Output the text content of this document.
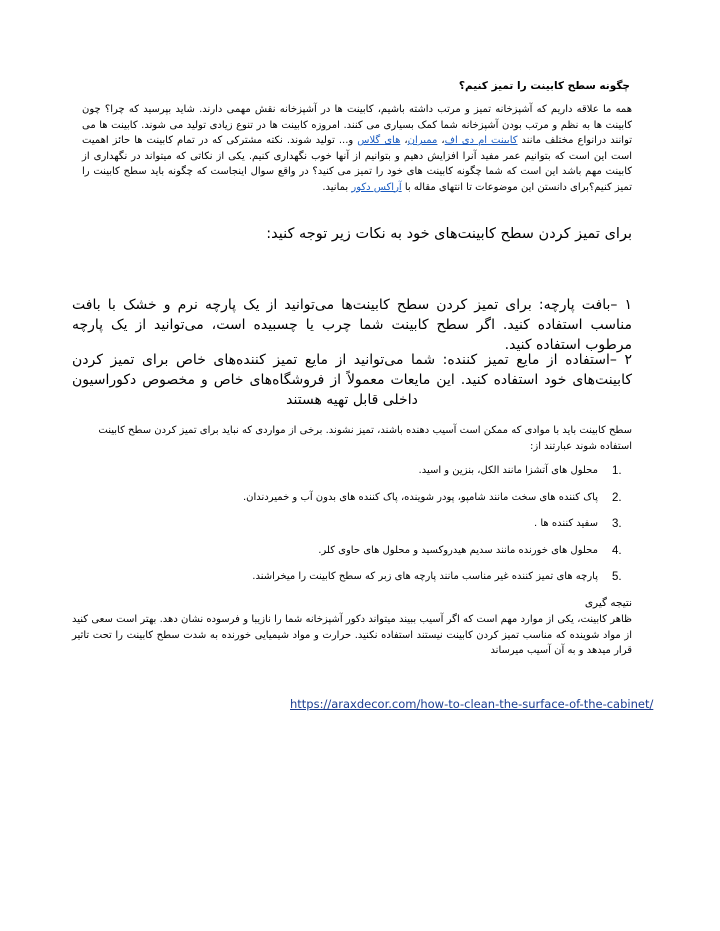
چگونه سطح کابینت را تمیز کنیم؟

همه ما علاقه داریم که آشپزخانه تمیز و مرتب داشته باشیم، کابینت ها در آشپزخانه نقش مهمی دارند. شاید بپرسید که چرا؟ چون کابینت ها به نظم و مرتب بودن آشپزخانه شما کمک بسیاری می کنند. امروزه کابینت ها در تنوع زیادی تولید می شوند. کابینت ها می توانند درانواع مختلف مانند کابینت ام دی اف، ممبران، های گلاس و... تولید شوند. نکته مشترکی که در تمام کابینت ها حائز اهمیت است این است که بتوانیم عمر مفید آنرا افزایش دهیم و بتوانیم از آنها خوب نگهداری کنیم. یکی از نکاتی که میتواند در نگهداری از کابینت مهم باشد این است که شما چگونه کابینت های خود را تمیز می کنید؟ در واقع سوال اینجاست که چگونه باید سطح کابینت را تمیز کنیم؟برای دانستن این موضوعات تا انتهای مقاله با آراکس دکور بمانید.

برای تمیز کردن سطح کابینت‌های خود به نکات زیر توجه کنید:
۱ –بافت پارچه: برای تمیز کردن سطح کابینت‌ها می‌توانید از یک پارچه نرم و خشک با بافت مناسب استفاده کنید. اگر سطح کابینت شما چرب یا چسبیده است، می‌توانید از یک پارچه مرطوب استفاده کنید.
۲ –استفاده از مایع تمیز کننده: شما می‌توانید از مایع تمیز کننده‌های خاص برای تمیز کردن کابینت‌های خود استفاده کنید. این مایعات معمولاً از فروشگاه‌های خاص و مخصوص دکوراسیون داخلی قابل تهیه هستند
سطح کابینت باید با موادی که ممکن است آسیب دهنده باشند، تمیز نشوند. برخی از مواردی که نباید برای تمیز کردن سطح کابینت استفاده شوند عبارتند از:
1.
محلول های آتشزا مانند الکل، بنزین و اسید.
2.
پاک کننده های سخت مانند شامپو، پودر شوینده، پاک کننده های بدون آب و خمیردندان.
3.
سفید کننده ها .
4.
محلول های خورنده مانند سدیم هیدروکسید و محلول های حاوی کلر.
5.
پارچه های تمیز کننده غیر مناسب مانند پارچه های زبر که سطح کابینت را میخراشند.
نتیجه گیری
ظاهر کابینت، یکی از موارد مهم است که اگر آسیب ببیند میتواند دکور آشپزخانه شما را نازیبا و فرسوده نشان دهد. بهتر است سعی کنید از مواد شوینده که مناسب تمیز کردن کابینت نیستند استفاده نکنید. حرارت و مواد شیمیایی خورنده به شدت سطح کابینت را تحت تاثیر قرار میدهد و به آن آسیب میرساند
https://araxdecor.com/how-to-clean-the-surface-of-the-cabinet/
